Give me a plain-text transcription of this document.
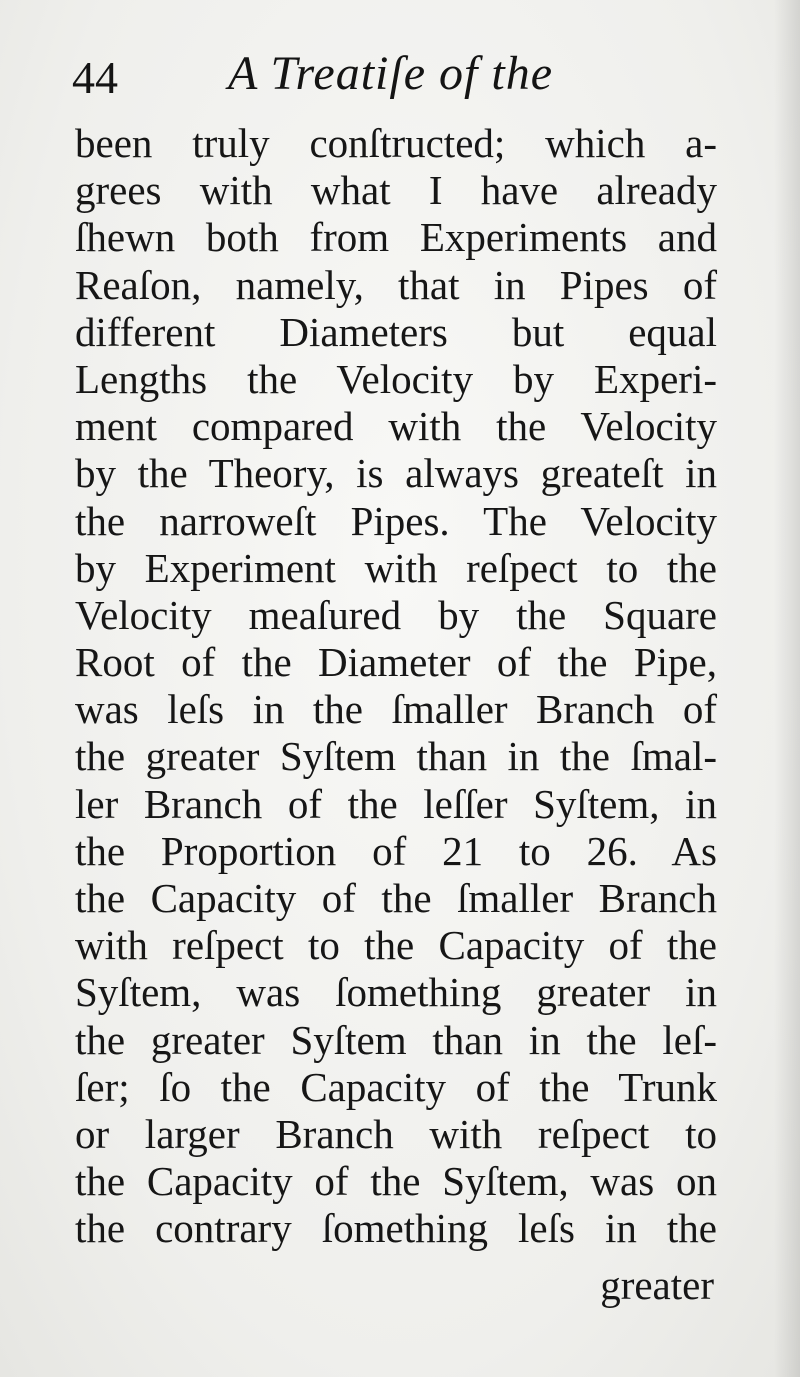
44 A Treatiſe of the
been truly conſtructed; which a-
grees with what I have already
ſhewn both from Experiments and
Reaſon, namely, that in Pipes of
different Diameters but equal
Lengths the Velocity by Experi-
ment compared with the Velocity
by the Theory, is always greateſt in
the narroweſt Pipes. The Velocity
by Experiment with reſpect to the
Velocity meaſured by the Square
Root of the Diameter of the Pipe,
was leſs in the ſmaller Branch of
the greater Syſtem than in the ſmal-
ler Branch of the leſſer Syſtem, in
the Proportion of 21 to 26. As
the Capacity of the ſmaller Branch
with reſpect to the Capacity of the
Syſtem, was ſomething greater in
the greater Syſtem than in the leſ-
ſer; ſo the Capacity of the Trunk
or larger Branch with reſpect to
the Capacity of the Syſtem, was on
the contrary ſomething leſs in the
greater
